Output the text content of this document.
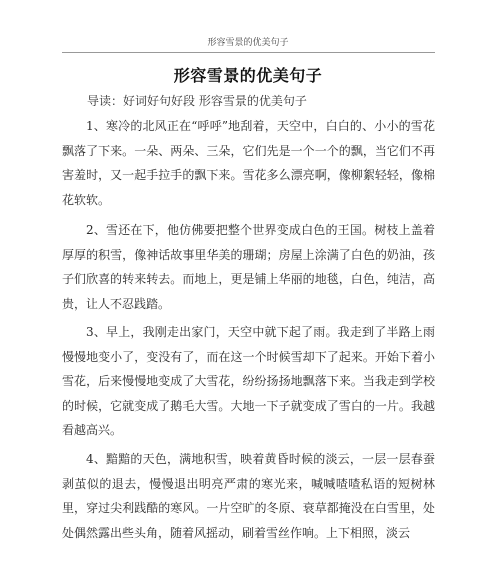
形容雪景的优美句子
形容雪景的优美句子
导读：好词好句好段 形容雪景的优美句子
1、寒冷的北风正在“呼呼”地刮着，天空中，白白的、小小的雪花飘落了下来。一朵、两朵、三朵，它们先是一个一个的飘，当它们不再害羞时，又一起手拉手的飘下来。雪花多么漂亮啊，像柳絮轻轻，像棉花软软。
2、雪还在下，他仿佛要把整个世界变成白色的王国。树枝上盖着厚厚的积雪，像神话故事里华美的珊瑚；房屋上涂满了白色的奶油，孩子们欣喜的转来转去。而地上，更是铺上华丽的地毯，白色，纯洁，高贵，让人不忍践踏。
3、早上，我刚走出家门，天空中就下起了雨。我走到了半路上雨慢慢地变小了，变没有了，而在这一个时候雪却下了起来。开始下着小雪花，后来慢慢地变成了大雪花，纷纷扬扬地飘落下来。当我走到学校的时候，它就变成了鹅毛大雪。大地一下子就变成了雪白的一片。我越看越高兴。
4、黯黯的天色，满地积雪，映着黄昏时候的淡云，一层一层春蚕剥茧似的退去，慢慢退出明亮严肃的寒光来，喊喊喳喳私语的短树林里，穿过尖利践酷的寒风。一片空旷的冬原、衰草都掩没在白雪里，处处偶然露出些头角，随着风摇动，刷着雪丝作响。上下相照，淡云
